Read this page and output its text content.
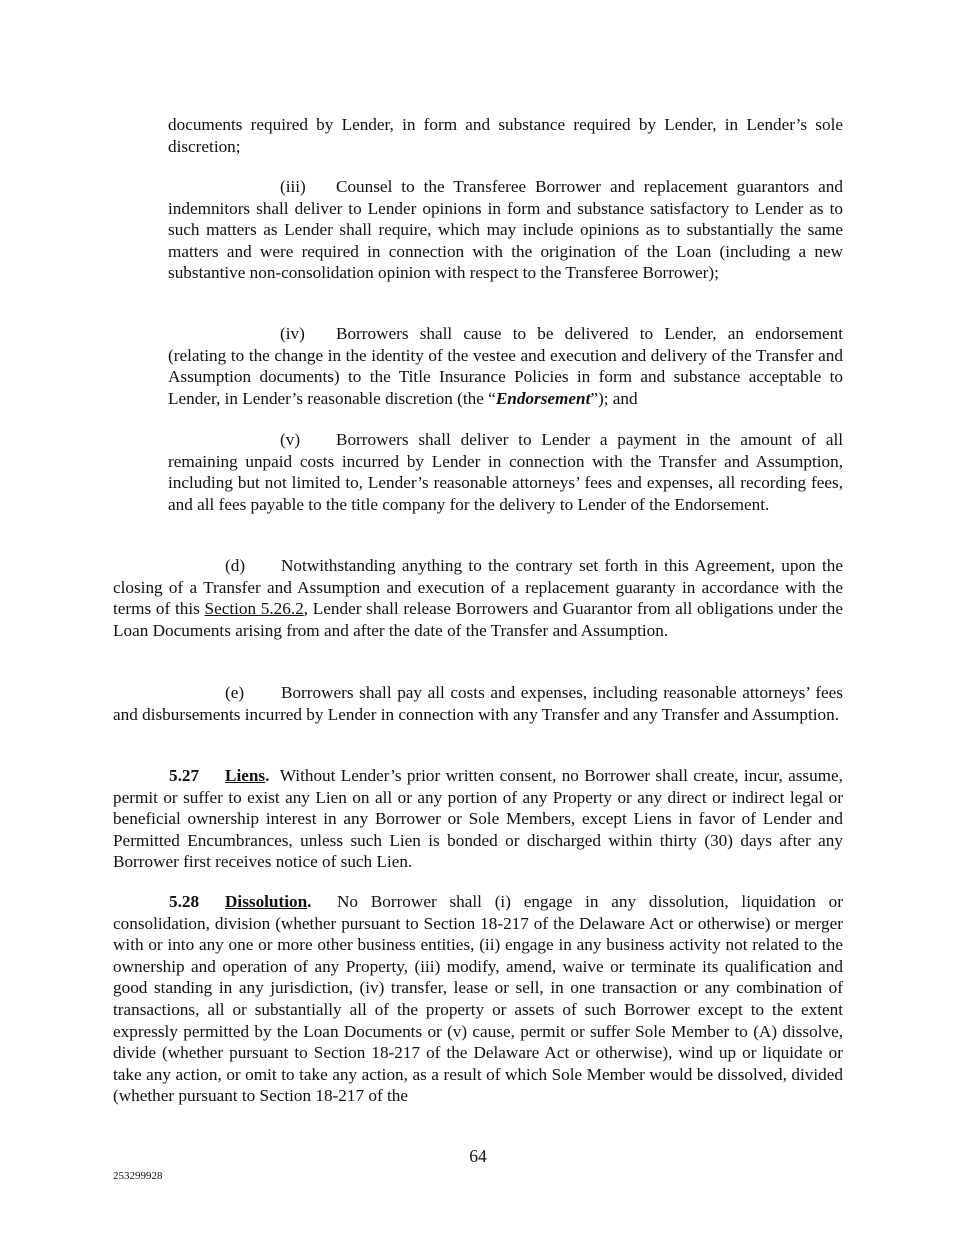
documents required by Lender, in form and substance required by Lender, in Lender’s sole discretion;

(iii) Counsel to the Transferee Borrower and replacement guarantors and indemnitors shall deliver to Lender opinions in form and substance satisfactory to Lender as to such matters as Lender shall require, which may include opinions as to substantially the same matters and were required in connection with the origination of the Loan (including a new substantive non-consolidation opinion with respect to the Transferee Borrower);

(iv) Borrowers shall cause to be delivered to Lender, an endorsement (relating to the change in the identity of the vestee and execution and delivery of the Transfer and Assumption documents) to the Title Insurance Policies in form and substance acceptable to Lender, in Lender’s reasonable discretion (the “Endorsement”); and

(v) Borrowers shall deliver to Lender a payment in the amount of all remaining unpaid costs incurred by Lender in connection with the Transfer and Assumption, including but not limited to, Lender’s reasonable attorneys’ fees and expenses, all recording fees, and all fees payable to the title company for the delivery to Lender of the Endorsement.

(d) Notwithstanding anything to the contrary set forth in this Agreement, upon the closing of a Transfer and Assumption and execution of a replacement guaranty in accordance with the terms of this Section 5.26.2, Lender shall release Borrowers and Guarantor from all obligations under the Loan Documents arising from and after the date of the Transfer and Assumption.

(e) Borrowers shall pay all costs and expenses, including reasonable attorneys’ fees and disbursements incurred by Lender in connection with any Transfer and any Transfer and Assumption.

5.27 Liens. Without Lender’s prior written consent, no Borrower shall create, incur, assume, permit or suffer to exist any Lien on all or any portion of any Property or any direct or indirect legal or beneficial ownership interest in any Borrower or Sole Members, except Liens in favor of Lender and Permitted Encumbrances, unless such Lien is bonded or discharged within thirty (30) days after any Borrower first receives notice of such Lien.

5.28 Dissolution. No Borrower shall (i) engage in any dissolution, liquidation or consolidation, division (whether pursuant to Section 18-217 of the Delaware Act or otherwise) or merger with or into any one or more other business entities, (ii) engage in any business activity not related to the ownership and operation of any Property, (iii) modify, amend, waive or terminate its qualification and good standing in any jurisdiction, (iv) transfer, lease or sell, in one transaction or any combination of transactions, all or substantially all of the property or assets of such Borrower except to the extent expressly permitted by the Loan Documents or (v) cause, permit or suffer Sole Member to (A) dissolve, divide (whether pursuant to Section 18-217 of the Delaware Act or otherwise), wind up or liquidate or take any action, or omit to take any action, as a result of which Sole Member would be dissolved, divided (whether pursuant to Section 18-217 of the

64
253299928
